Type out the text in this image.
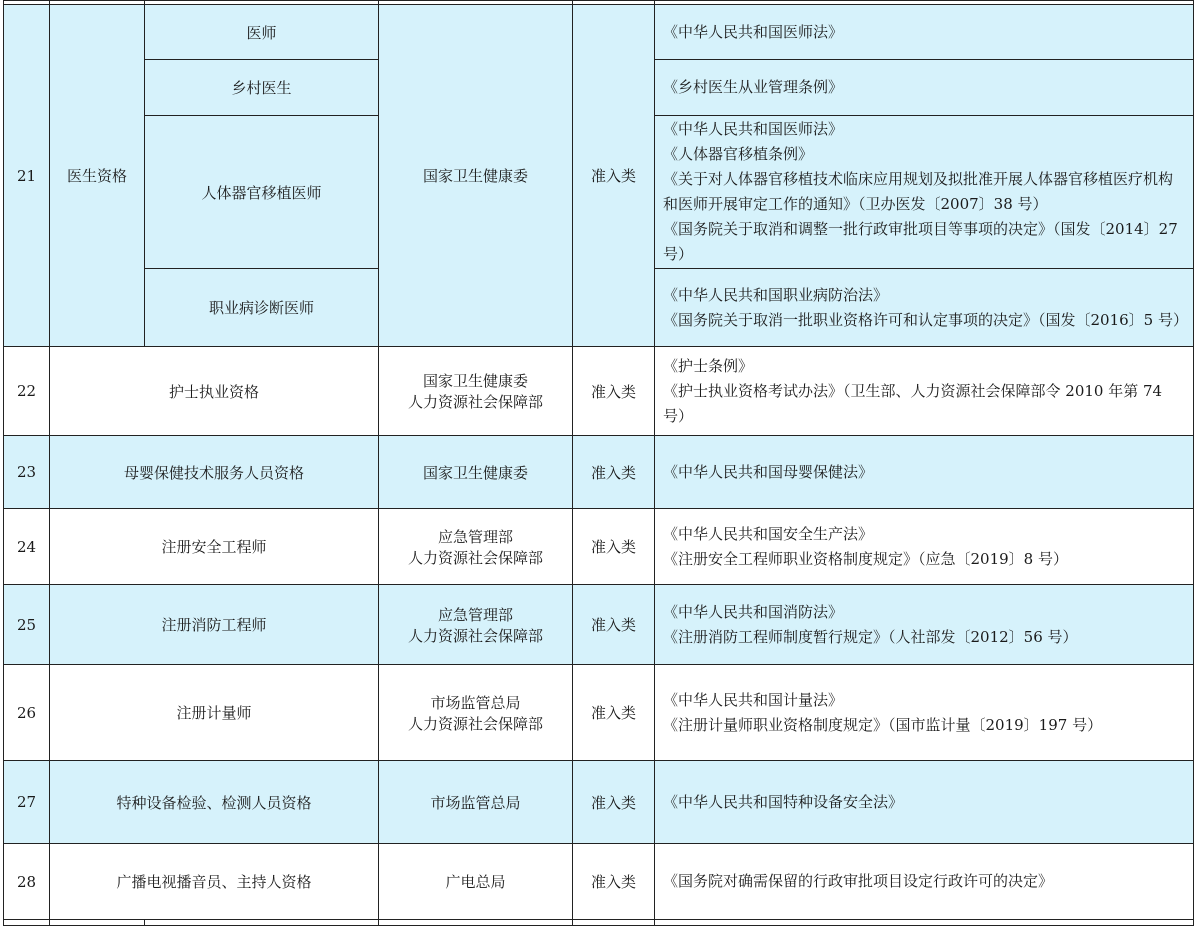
21	医生资格	医师	国家卫生健康委	准入类	《中华人民共和国医师法》

		乡村医生			《乡村医生从业管理条例》

		人体器官移植医师			《中华人民共和国医师法》
《人体器官移植条例》
《关于对人体器官移植技术临床应用规划及拟批准开展人体器官移植医疗机构和医师开展审定工作的通知》（卫办医发〔2007〕38 号）
《国务院关于取消和调整一批行政审批项目等事项的决定》（国发〔2014〕27 号）

		职业病诊断医师			《中华人民共和国职业病防治法》
《国务院关于取消一批职业资格许可和认定事项的决定》（国发〔2016〕5 号）

22	护士执业资格		国家卫生健康委
人力资源社会保障部	准入类	《护士条例》
《护士执业资格考试办法》（卫生部、人力资源社会保障部令 2010 年第 74 号）

23	母婴保健技术服务人员资格		国家卫生健康委	准入类	《中华人民共和国母婴保健法》

24	注册安全工程师		应急管理部
人力资源社会保障部	准入类	《中华人民共和国安全生产法》
《注册安全工程师职业资格制度规定》（应急〔2019〕8 号）

25	注册消防工程师		应急管理部
人力资源社会保障部	准入类	《中华人民共和国消防法》
《注册消防工程师制度暂行规定》（人社部发〔2012〕56 号）

26	注册计量师		市场监管总局
人力资源社会保障部	准入类	《中华人民共和国计量法》
《注册计量师职业资格制度规定》（国市监计量〔2019〕197 号）

27	特种设备检验、检测人员资格		市场监管总局	准入类	《中华人民共和国特种设备安全法》

28	广播电视播音员、主持人资格		广电总局	准入类	《国务院对确需保留的行政审批项目设定行政许可的决定》
